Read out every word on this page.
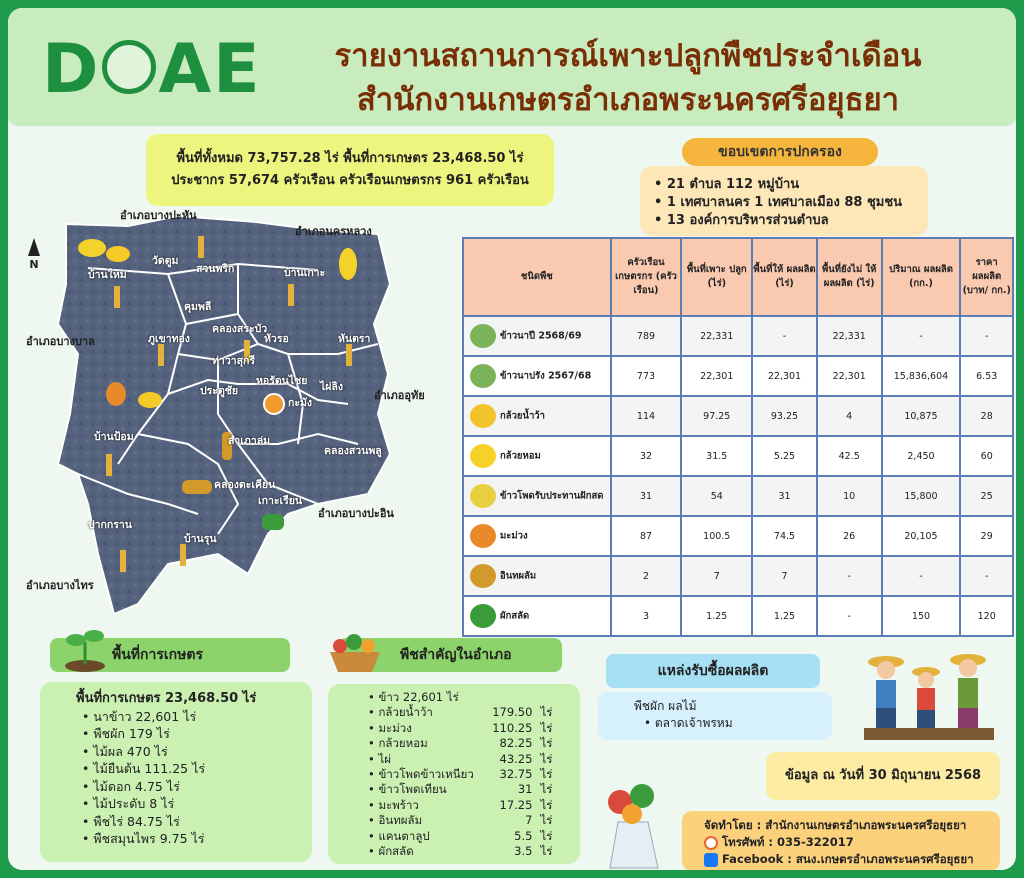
D AE	รายงานสถานการณ์เพาะปลูกพืชประจำเดือน
สำนักงานเกษตรอำเภอพระนครศรีอยุธยา
พื้นที่ทั้งหมด 73,757.28 ไร่ พื้นที่การเกษตร 23,468.50 ไร่
ประชากร 57,674 ครัวเรือน ครัวเรือนเกษตรกร 961 ครัวเรือน
ขอบเขตการปกครอง
• 21 ตำบล 112 หมู่บ้าน
• 1 เทศบาลนคร 1 เทศบาลเมือง 88 ชุมชน
• 13 องค์การบริหารส่วนตำบล
N
อำเภอบางปะหัน
อำเภอนครหลวง
อำเภอบางบาล
อำเภออุทัย
อำเภอบางปะอิน
อำเภอบางไทร
บ้านใหม่
วัดตูม
สวนพริก	บ้านเกาะ
คุมพลี
คลองสระบัว
หัวรอ
ภูเขาทอง	หันตรา
ท่าวาสุกรี
ประตูชัย
หอรัตนไชย ไผ่ลิง
กะมัง
บ้านป้อม	สำเภาล่ม
คลองสวนพลู
คลองตะเคียน
เกาะเรียน
ปากกราน
บ้านรุน
ชนิดพืช	ครัวเรือน เกษตรกร (ครัวเรือน)	พื้นที่เพาะ ปลูก (ไร่)	พื้นที่ให้ ผลผลิต (ไร่)	พื้นที่ยังไม่ ให้ผลผลิต (ไร่)	ปริมาณ ผลผลิต (กก.)	ราคา ผลผลิต (บาท/ กก.)
ข้าวนาปี 2568/69	789	22,331	-	22,331	-	-
ข้าวนาปรัง 2567/68	773	22,301	22,301	22,301	15,836,604	6.53
กล้วยน้ำว้า	114	97.25	93.25	4	10,875	28
กล้วยหอม	32	31.5	5.25	42.5	2,450	60
ข้าวโพดรับประทานฝักสด	31	54	31	10	15,800	25
มะม่วง	87	100.5	74.5	26	20,105	29
อินทผลัม	2	7	7	-	-	-
ผักสลัด	3	1.25	1.25	-	150	120
พื้นที่การเกษตร
พื้นที่การเกษตร 23,468.50 ไร่
• นาข้าว 22,601 ไร่
• พืชผัก 179 ไร่
• ไม้ผล 470 ไร่
• ไม้ยืนต้น 111.25 ไร่
• ไม้ดอก 4.75 ไร่
• ไม้ประดับ 8 ไร่
• พืชไร่ 84.75 ไร่
• พืชสมุนไพร 9.75 ไร่
พืชสำคัญในอำเภอ
• ข้าว 22,601 ไร่
• กล้วยน้ำว้า	179.50 ไร่
• มะม่วง	110.25 ไร่
• กล้วยหอม	82.25 ไร่
• ไผ่	43.25 ไร่
• ข้าวโพดข้าวเหนียว	32.75 ไร่
• ข้าวโพดเทียน	31 ไร่
• มะพร้าว	17.25 ไร่
• อินทผลัม	7 ไร่
• แคนตาลูป	5.5 ไร่
• ผักสลัด	3.5 ไร่
แหล่งรับซื้อผลผลิต
พืชผัก ผลไม้
• ตลาดเจ้าพรหม
ข้อมูล ณ วันที่ 30 มิถุนายน 2568
จัดทำโดย : สำนักงานเกษตรอำเภอพระนครศรีอยุธยา
โทรศัพท์ : 035-322017
Facebook : สนง.เกษตรอำเภอพระนครศรีอยุธยา
